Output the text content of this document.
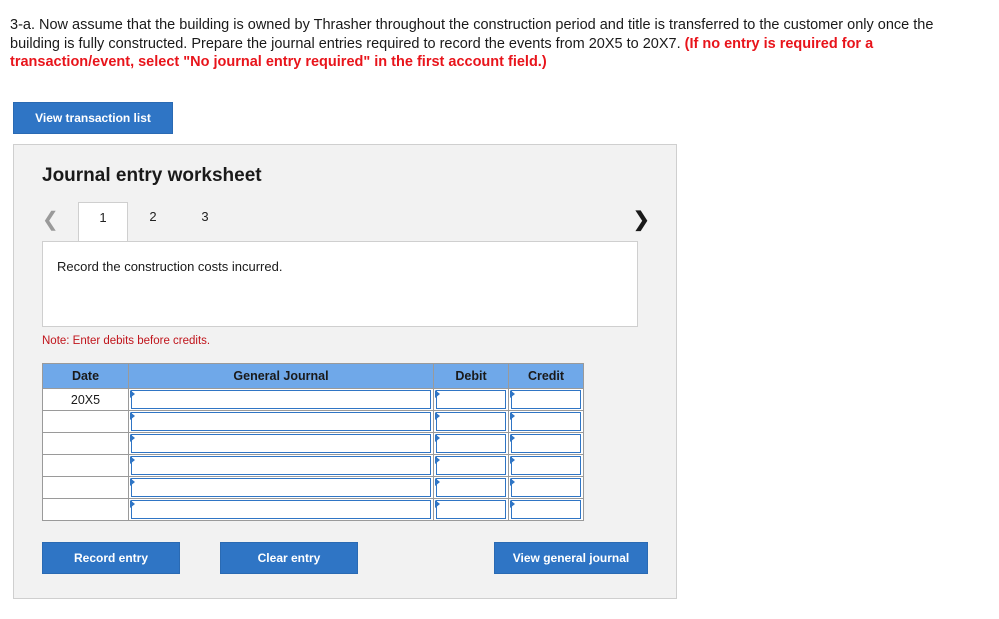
3-a. Now assume that the building is owned by Thrasher throughout the construction period and title is transferred to the customer only once the building is fully constructed. Prepare the journal entries required to record the events from 20X5 to 20X7. (If no entry is required for a transaction/event, select "No journal entry required" in the first account field.)
View transaction list
Journal entry worksheet
❮	1	2	3	❯
Record the construction costs incurred.
Note: Enter debits before credits.
Date	General Journal	Debit	Credit
20X5	

Record entry	Clear entry	View general journal
